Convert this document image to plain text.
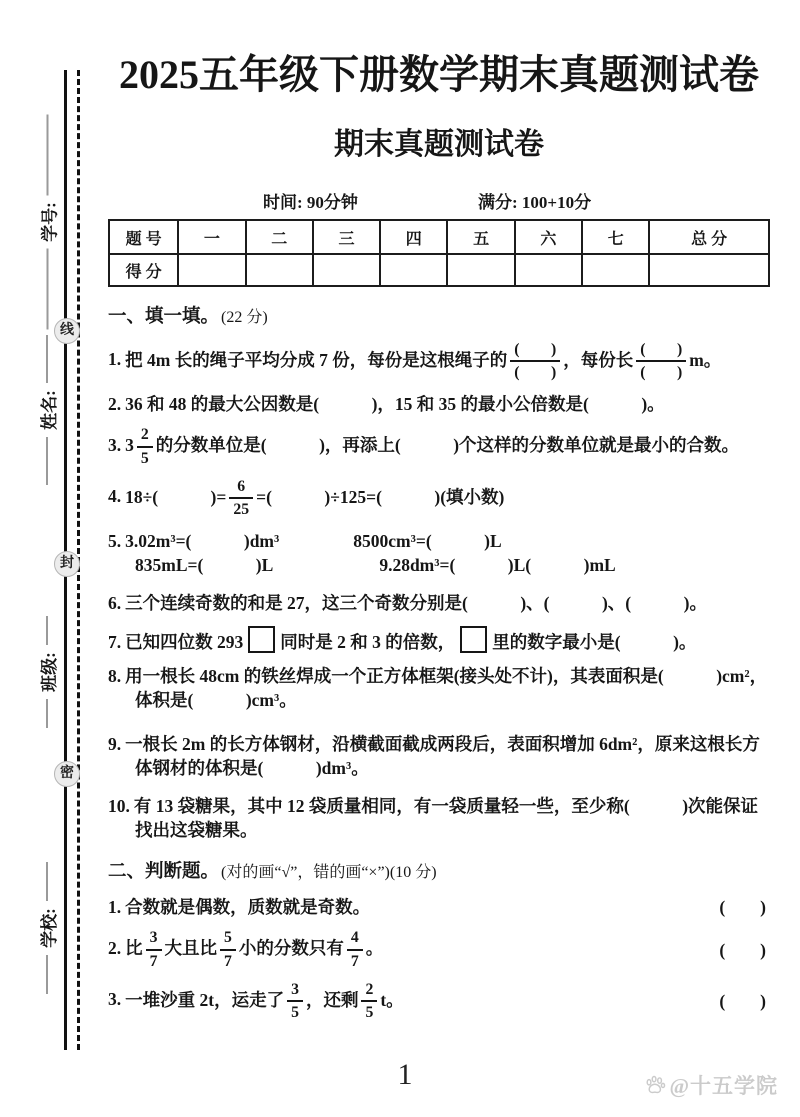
学号:
姓名:
班级:
学校:
线
封
密
2025五年级下册数学期末真题测试卷
期末真题测试卷
时间: 90分钟	满分: 100+10分
题 号	一	二	三	四	五	六	七	总 分
得 分								
一、填一填。 (22 分)
1. 把 4m 长的绳子平均分成 7 份，每份是这根绳子的 $\frac{( )}{( )}$ ，每份长 $\frac{( )}{( )}$ m。
2. 36 和 48 的最大公因数是(　　　)，15 和 35 的最小公倍数是(　　　)。
3. $3 \frac{2}{5}$ 的分数单位是(　　　)，再添上(　　　)个这样的分数单位就是最小的合数。
4. 18÷(　　　)= $\frac{6}{25}$ =(　　　)÷125=(　　　)(填小数)
5. 3.02m³=(　　　)dm³	8500cm³=(　　　)L
835mL=(　　　)L	9.28dm³=(　　　)L(　　　)mL
6. 三个连续奇数的和是 27，这三个奇数分别是(　　　)、(　　　)、(　　　)。
7. 已知四位数 293 同时是 2 和 3 的倍数， 里的数字最小是(　　　)。
8. 用一根长 48cm 的铁丝焊成一个正方体框架(接头处不计)，其表面积是(　　　)cm²，体积是(　　　)cm³。
9. 一根长 2m 的长方体钢材，沿横截面截成两段后，表面积增加 6dm²，原来这根长方体钢材的体积是(　　　)dm³。
10. 有 13 袋糖果，其中 12 袋质量相同，有一袋质量轻一些，至少称(　　　)次能保证找出这袋糖果。
二、判断题。 (对的画“√”，错的画“×”)(10 分)
1. 合数就是偶数，质数就是奇数。	(　　)
2. 比 $\frac{3}{7}$ 大且比 $\frac{5}{7}$ 小的分数只有 $\frac{4}{7}$ 。	(　　)
3. 一堆沙重 2t，运走了 $\frac{3}{5}$ ，还剩 $\frac{2}{5}$ t。	(　　)
1	@十五学院
